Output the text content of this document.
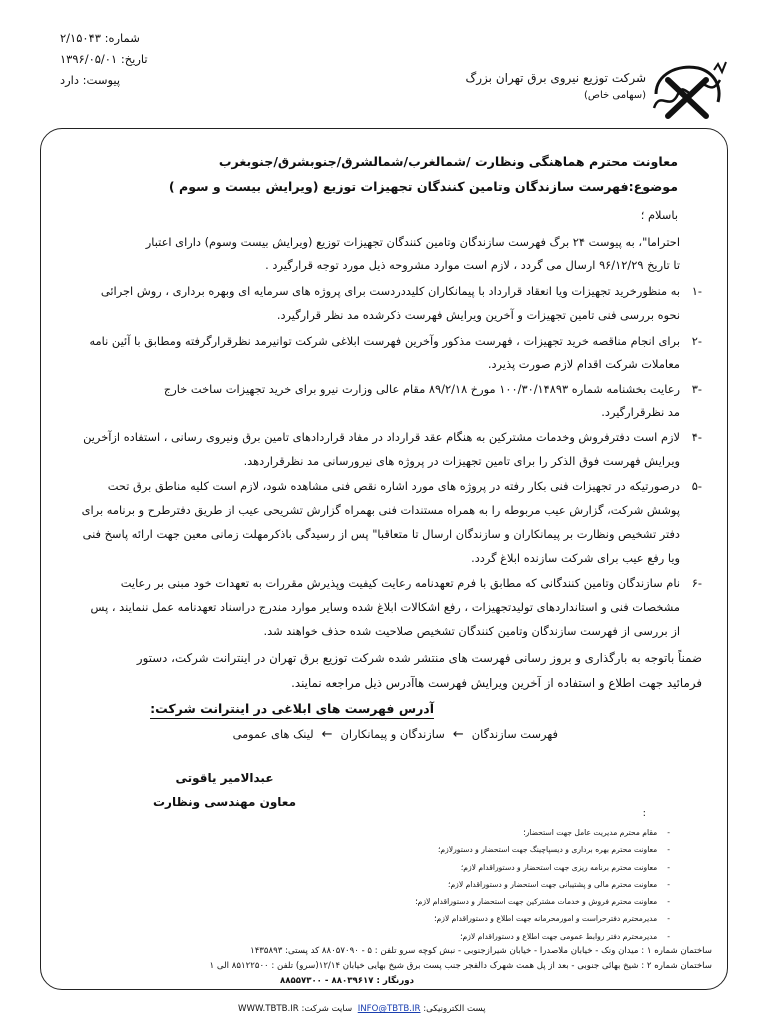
شماره: ۲/۱۵۰۴۳
تاریخ: ۱۳۹۶/۰۵/۰۱
پیوست: دارد	شرکت توزیع نیروی برق تهران بزرگ
(سهامی خاص)
معاونت محترم هماهنگی ونظارت /شمالغرب/شمالشرق/جنوبشرق/جنوبغرب
موضوع:فهرست سازندگان وتامین کنندگان تجهیزات توزیع (ویرایش بیست و سوم )
باسلام ؛
احتراما"، به پیوست ۲۴ برگ فهرست سازندگان وتامین کنندگان تجهیزات توزیع (ویرایش بیست وسوم) دارای اعتبار
تا تاریخ ۹۶/۱۲/۲۹ ارسال می گردد ، لازم است موارد مشروحه ذیل مورد توجه قرارگیرد .
۱-
به منظورخرید تجهیزات ویا انعقاد قرارداد با پیمانکاران کلیددردست برای پروژه های سرمایه ای وبهره برداری ، روش اجرائی
نحوه بررسی فنی تامین تجهیزات و آخرین ویرایش فهرست ذکرشده مد نظر قرارگیرد.
۲-
برای انجام مناقصه خرید تجهیزات ، فهرست مذکور وآخرین فهرست ابلاغی شرکت توانیرمد نظرقرارگرفته ومطابق با آئین نامه
معاملات شرکت اقدام لازم صورت پذیرد.
۳-
رعایت بخشنامه شماره ۱۰۰/۳۰/۱۴۸۹۳ مورخ ۸۹/۲/۱۸ مقام عالی وزارت نیرو برای خرید تجهیزات ساخت خارج
مد نظرقرارگیرد.
۴-
لازم است دفترفروش وخدمات مشترکین به هنگام عقد قرارداد در مفاد قراردادهای تامین برق ونیروی رسانی ، استفاده ازآخرین
ویرایش فهرست فوق الذکر را برای تامین تجهیزات در پروژه های نیرورسانی مد نظرقراردهد.
۵-
درصورتیکه در تجهیزات فنی بکار رفته در پروژه های مورد اشاره نقص فنی مشاهده شود، لازم است کلیه مناطق برق تحت
پوشش شرکت، گزارش عیب مربوطه را به همراه مستندات فنی بهمراه گزارش تشریحی عیب از طریق دفترطرح و برنامه برای
دفتر تشخیص ونظارت بر پیمانکاران و سازندگان ارسال تا متعاقبا" پس از رسیدگی باذکرمهلت زمانی معین جهت ارائه پاسخ فنی
ویا رفع عیب برای شرکت سازنده ابلاغ گردد.
۶-
نام سازندگان وتامین کنندگانی که مطابق با فرم تعهدنامه رعایت کیفیت وپذیرش مقررات به تعهدات خود مبنی بر رعایت
مشخصات فنی و استانداردهای تولیدتجهیزات ، رفع اشکالات ابلاغ شده وسایر موارد مندرج دراسناد تعهدنامه عمل ننمایند ، پس
از بررسی از فهرست سازندگان وتامین کنندگان تشخیص صلاحیت شده حذف خواهند شد.
ضمناً باتوجه به بارگذاری و بروز رسانی فهرست های منتشر شده شرکت توزیع برق تهران در اینترانت شرکت، دستور
فرمائید جهت اطلاع و استفاده از آخرین ویرایش فهرست هاآدرس ذیل مراجعه نمایند.
آدرس فهرست های ابلاغی در اینترانت شرکت:
فهرست سازندگان←سازندگان و پیمانکاران←لینک های عمومی
عبدالامیر یاقوتی
معاون مهندسی ونظارت
:
- مقام محترم مدیریت عامل جهت استحضار؛
- معاونت محترم بهره برداری و دیسپاچینگ جهت استحضار و دستورلازم؛
- معاونت محترم برنامه ریزی جهت استحضار و دستوراقدام لازم؛
- معاونت محترم مالی و پشتیبانی جهت استحضار و دستوراقدام لازم؛
- معاونت محترم فروش و خدمات مشترکین جهت استحضار و دستوراقدام لازم؛
- مدیرمحترم دفترحراست و امورمحرمانه جهت اطلاع و دستوراقدام لازم؛
- مدیرمحترم دفتر روابط عمومی جهت اطلاع و دستوراقدام لازم؛
ساختمان شماره ۱ : میدان ونک - خیابان ملاصدرا - خیابان شیرازجنوبی - نبش کوچه سرو تلفن : ۵ - ۸۸۰۵۷۰۹۰ کد پستی: ۱۴۳۵۸۹۳
ساختمان شماره ۲ : شیخ بهائی جنوبی - بعد از پل همت شهرک دالفجر جنب پست برق شیخ بهایی خیابان ۱۲/۱۴(سرو) تلفن : ۸۵۱۲۲۵۰۰ الی ۱
دورنگار : ۸۸۰۳۹۶۱۷ - ۸۸۵۵۷۳۰۰
پست الکترونیکی: INFO@TBTB.IR  سایت شرکت: WWW.TBTB.IR
